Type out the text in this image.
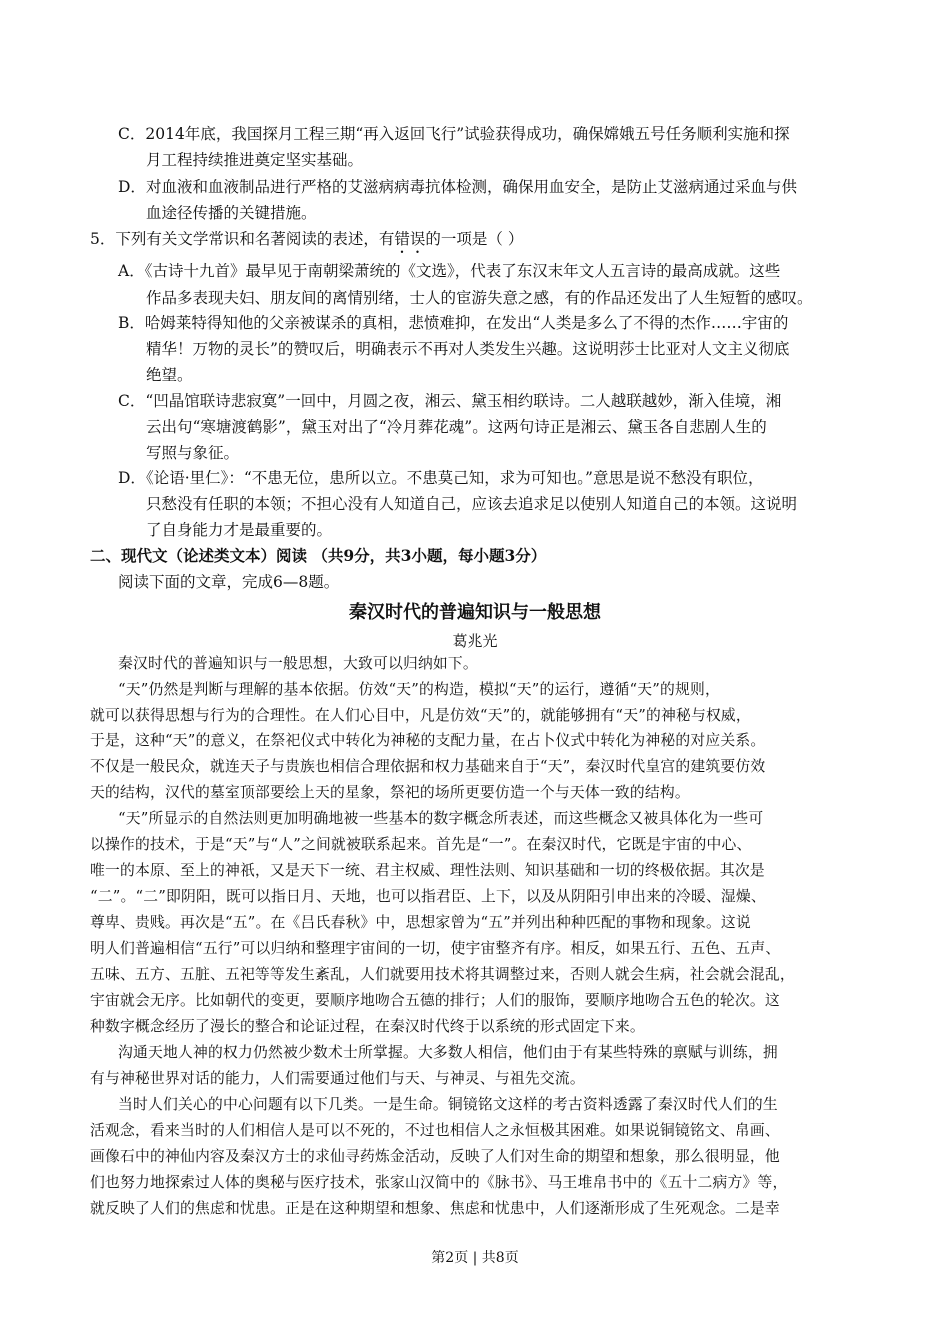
C．2014年底，我国探月工程三期“再入返回飞行”试验获得成功，确保嫦娥五号任务顺利实施和探
月工程持续推进奠定坚实基础。
D．对血液和血液制品进行严格的艾滋病病毒抗体检测，确保用血安全，是防止艾滋病通过采血与供
血途径传播的关键措施。
5．下列有关文学常识和名著阅读的表述，有错误的一项是（ ）
A．《古诗十九首》最早见于南朝梁萧统的《文选》，代表了东汉末年文人五言诗的最高成就。这些
作品多表现夫妇、朋友间的离情别绪，士人的宦游失意之感，有的作品还发出了人生短暂的感叹。
B．哈姆莱特得知他的父亲被谋杀的真相，悲愤难抑，在发出“人类是多么了不得的杰作……宇宙的
精华！万物的灵长”的赞叹后，明确表示不再对人类发生兴趣。这说明莎士比亚对人文主义彻底
绝望。
C．“凹晶馆联诗悲寂寞”一回中，月圆之夜，湘云、黛玉相约联诗。二人越联越妙，渐入佳境，湘
云出句“寒塘渡鹤影”，黛玉对出了“冷月葬花魂”。这两句诗正是湘云、黛玉各自悲剧人生的
写照与象征。
D．《论语·里仁》：“不患无位，患所以立。不患莫己知，求为可知也。”意思是说不愁没有职位，
只愁没有任职的本领；不担心没有人知道自己，应该去追求足以使别人知道自己的本领。这说明
了自身能力才是最重要的。
二、现代文（论述类文本）阅读 （共9分，共3小题，每小题3分）
阅读下面的文章，完成6—8题。
秦汉时代的普遍知识与一般思想
葛兆光
秦汉时代的普遍知识与一般思想，大致可以归纳如下。
“天”仍然是判断与理解的基本依据。仿效“天”的构造，模拟“天”的运行，遵循“天”的规则，
就可以获得思想与行为的合理性。在人们心目中，凡是仿效“天”的，就能够拥有“天”的神秘与权威，
于是，这种“天”的意义，在祭祀仪式中转化为神秘的支配力量，在占卜仪式中转化为神秘的对应关系。
不仅是一般民众，就连天子与贵族也相信合理依据和权力基础来自于“天”，秦汉时代皇宫的建筑要仿效
天的结构，汉代的墓室顶部要绘上天的星象，祭祀的场所更要仿造一个与天体一致的结构。
“天”所显示的自然法则更加明确地被一些基本的数字概念所表述，而这些概念又被具体化为一些可
以操作的技术，于是“天”与“人”之间就被联系起来。首先是“一”。在秦汉时代，它既是宇宙的中心、
唯一的本原、至上的神祇，又是天下一统、君主权威、理性法则、知识基础和一切的终极依据。其次是
“二”。“二”即阴阳，既可以指日月、天地，也可以指君臣、上下，以及从阴阳引申出来的冷暖、湿燥、
尊卑、贵贱。再次是“五”。在《吕氏春秋》中，思想家曾为“五”并列出种种匹配的事物和现象。这说
明人们普遍相信“五行”可以归纳和整理宇宙间的一切，使宇宙整齐有序。相反，如果五行、五色、五声、
五味、五方、五脏、五祀等等发生紊乱，人们就要用技术将其调整过来，否则人就会生病，社会就会混乱，
宇宙就会无序。比如朝代的变更，要顺序地吻合五德的排行；人们的服饰，要顺序地吻合五色的轮次。这
种数字概念经历了漫长的整合和论证过程，在秦汉时代终于以系统的形式固定下来。
沟通天地人神的权力仍然被少数术士所掌握。大多数人相信，他们由于有某些特殊的禀赋与训练，拥
有与神秘世界对话的能力，人们需要通过他们与天、与神灵、与祖先交流。
当时人们关心的中心问题有以下几类。一是生命。铜镜铭文这样的考古资料透露了秦汉时代人们的生
活观念，看来当时的人们相信人是可以不死的，不过也相信人之永恒极其困难。如果说铜镜铭文、帛画、
画像石中的神仙内容及秦汉方士的求仙寻药炼金活动，反映了人们对生命的期望和想象，那么很明显，他
们也努力地探索过人体的奥秘与医疗技术，张家山汉简中的《脉书》、马王堆帛书中的《五十二病方》等，
就反映了人们的焦虑和忧患。正是在这种期望和想象、焦虑和忧患中，人们逐渐形成了生死观念。二是幸
第2页 | 共8页
